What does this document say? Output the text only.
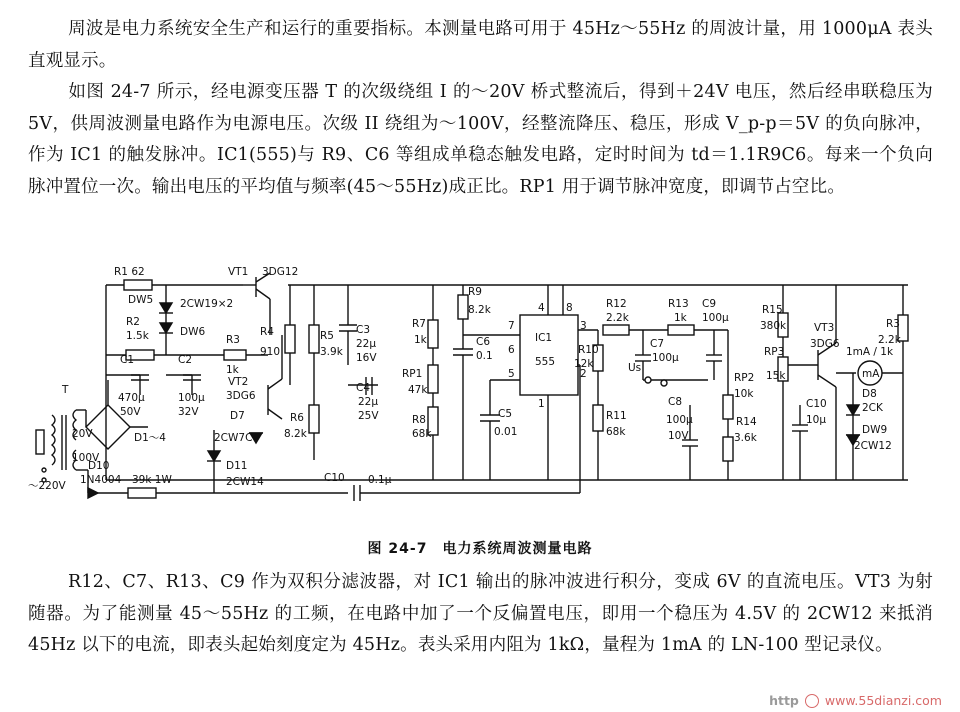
周波是电力系统安全生产和运行的重要指标。本测量电路可用于 45Hz～55Hz 的周波计量，用 1000μA 表头直观显示。

如图 24-7 所示，经电源变压器 T 的次级绕组 I 的～20V 桥式整流后，得到＋24V 电压，然后经串联稳压为 5V，供周波测量电路作为电源电压。次级 II 绕组为～100V，经整流降压、稳压，形成 V_p-p＝5V 的负向脉冲，作为 IC1 的触发脉冲。IC1(555)与 R9、C6 等组成单稳态触发电路，定时时间为 td＝1.1R9C6。每来一个负向脉冲置位一次。输出电压的平均值与频率(45～55Hz)成正比。RP1 用于调节脉冲宽度，即调节占空比。

R1 62	VT1 3DG12
DW5	2CW19×2
DW6
R2
1.5k	R3
1k
R4
910
R5
3.9k
C3
22μ
16V
C1
470μ
50V
C2
100μ
32V
VT2
3DG6
D7
2CW7C
R6
8.2k
C4
22μ
25V
T
20V
100V
～220V
D1～4
D10
1N4004 39k 1W
D11
2CW14	C10 0.1μ
R7
1k
R9
8.2k
C6
0.1
RP1
47k
R8
68k
C5
0.01
IC1
555
4 8
7
6
3
2
5
1
R12
2.2k
R13
1k
R10
12k
R11
68k
C7
100μ
C9
100μ
Us
C8
100μ
10V
RP2
10k
R14
3.6k
R15
380k
RP3
15k
VT3
3DG6
C10
10μ
R3
2.2k
mA
1mA / 1k
D8
2CK
DW9
2CW12
图 24-7　电力系统周波测量电路

R12、C7、R13、C9 作为双积分滤波器，对 IC1 输出的脉冲波进行积分，变成 6V 的直流电压。VT3 为射随器。为了能测量 45～55Hz 的工频，在电路中加了一个反偏置电压，即用一个稳压为 4.5V 的 2CW12 来抵消 45Hz 以下的电流，即表头起始刻度定为 45Hz。表头采用内阻为 1kΩ，量程为 1mA 的 LN-100 型记录仪。

http www.55dianzi.com
